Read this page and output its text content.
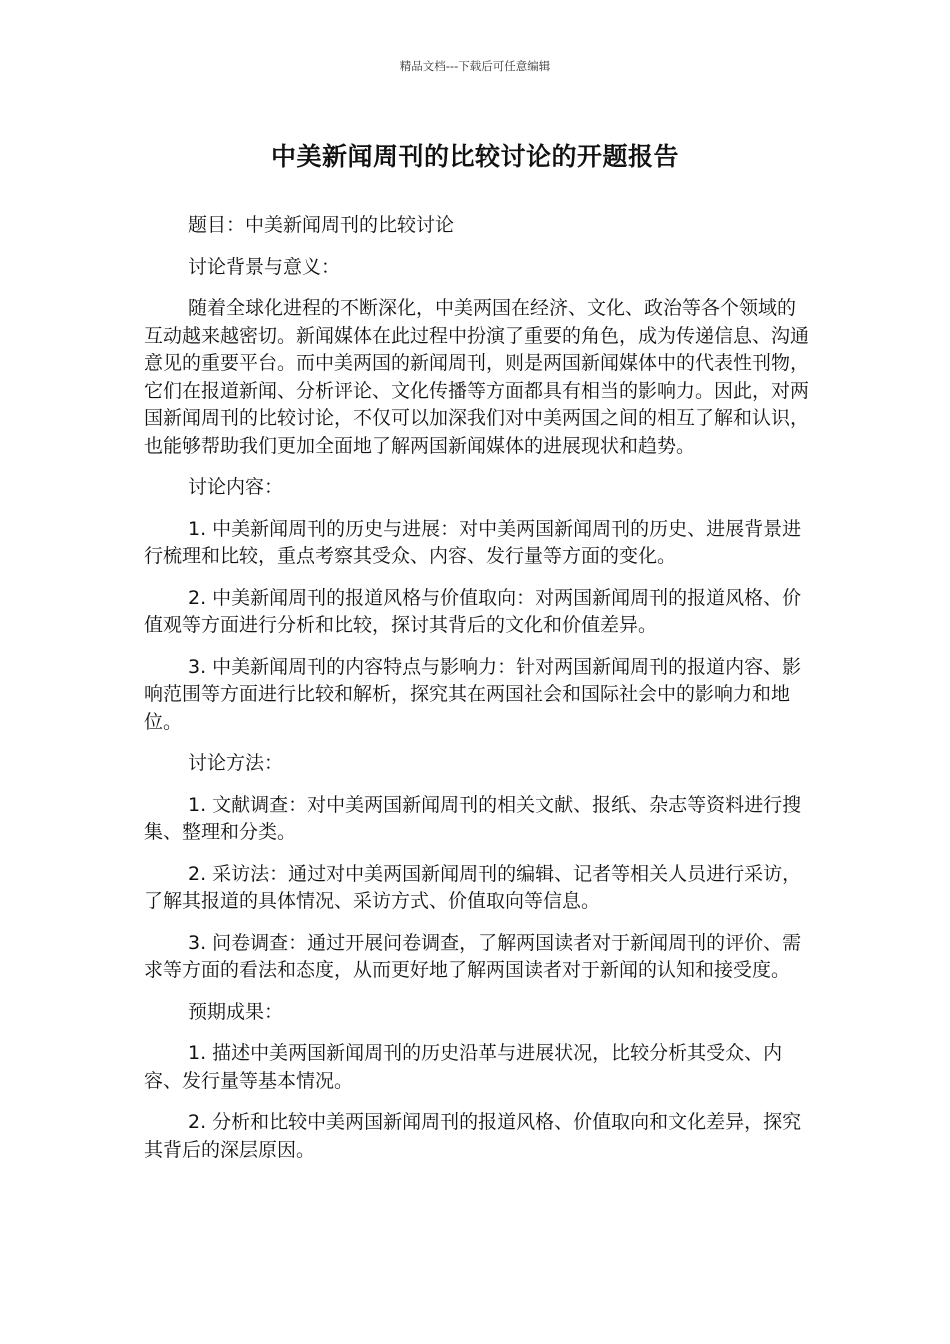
精品文档---下载后可任意编辑
中美新闻周刊的比较讨论的开题报告

题目：中美新闻周刊的比较讨论

讨论背景与意义：

随着全球化进程的不断深化，中美两国在经济、文化、政治等各个领域的互动越来越密切。新闻媒体在此过程中扮演了重要的角色，成为传递信息、沟通意见的重要平台。而中美两国的新闻周刊，则是两国新闻媒体中的代表性刊物，它们在报道新闻、分析评论、文化传播等方面都具有相当的影响力。因此，对两国新闻周刊的比较讨论，不仅可以加深我们对中美两国之间的相互了解和认识，也能够帮助我们更加全面地了解两国新闻媒体的进展现状和趋势。

讨论内容：

1. 中美新闻周刊的历史与进展：对中美两国新闻周刊的历史、进展背景进行梳理和比较，重点考察其受众、内容、发行量等方面的变化。

2. 中美新闻周刊的报道风格与价值取向：对两国新闻周刊的报道风格、价值观等方面进行分析和比较，探讨其背后的文化和价值差异。

3. 中美新闻周刊的内容特点与影响力：针对两国新闻周刊的报道内容、影响范围等方面进行比较和解析，探究其在两国社会和国际社会中的影响力和地位。

讨论方法：

1. 文献调查：对中美两国新闻周刊的相关文献、报纸、杂志等资料进行搜集、整理和分类。

2. 采访法：通过对中美两国新闻周刊的编辑、记者等相关人员进行采访，了解其报道的具体情况、采访方式、价值取向等信息。

3. 问卷调查：通过开展问卷调查，了解两国读者对于新闻周刊的评价、需求等方面的看法和态度，从而更好地了解两国读者对于新闻的认知和接受度。

预期成果：

1. 描述中美两国新闻周刊的历史沿革与进展状况，比较分析其受众、内容、发行量等基本情况。

2. 分析和比较中美两国新闻周刊的报道风格、价值取向和文化差异，探究其背后的深层原因。
